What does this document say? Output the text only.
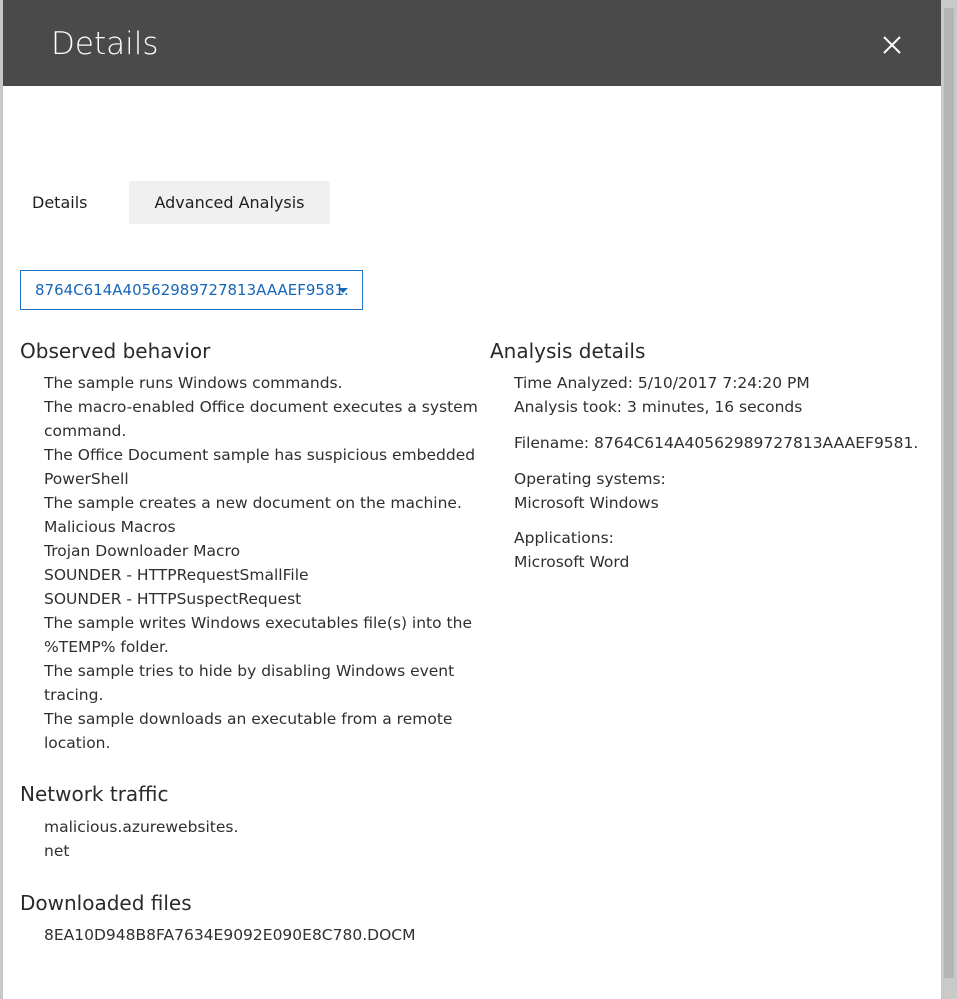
Details
Details	Advanced Analysis
8764C614A40562989727813AAAEF9581.
Observed behavior
The sample runs Windows commands.
The macro-enabled Office document executes a system
command.
The Office Document sample has suspicious embedded
PowerShell
The sample creates a new document on the machine.
Malicious Macros
Trojan Downloader Macro
SOUNDER - HTTPRequestSmallFile
SOUNDER - HTTPSuspectRequest
The sample writes Windows executables file(s) into the
%TEMP% folder.
The sample tries to hide by disabling Windows event
tracing.
The sample downloads an executable from a remote
location.
Network traffic
malicious.azurewebsites.
net
Downloaded files
8EA10D948B8FA7634E9092E090E8C780.DOCM
Analysis details
Time Analyzed: 5/10/2017 7:24:20 PM
Analysis took: 3 minutes, 16 seconds
Filename: 8764C614A40562989727813AAAEF9581.
Operating systems:
Microsoft Windows
Applications:
Microsoft Word
